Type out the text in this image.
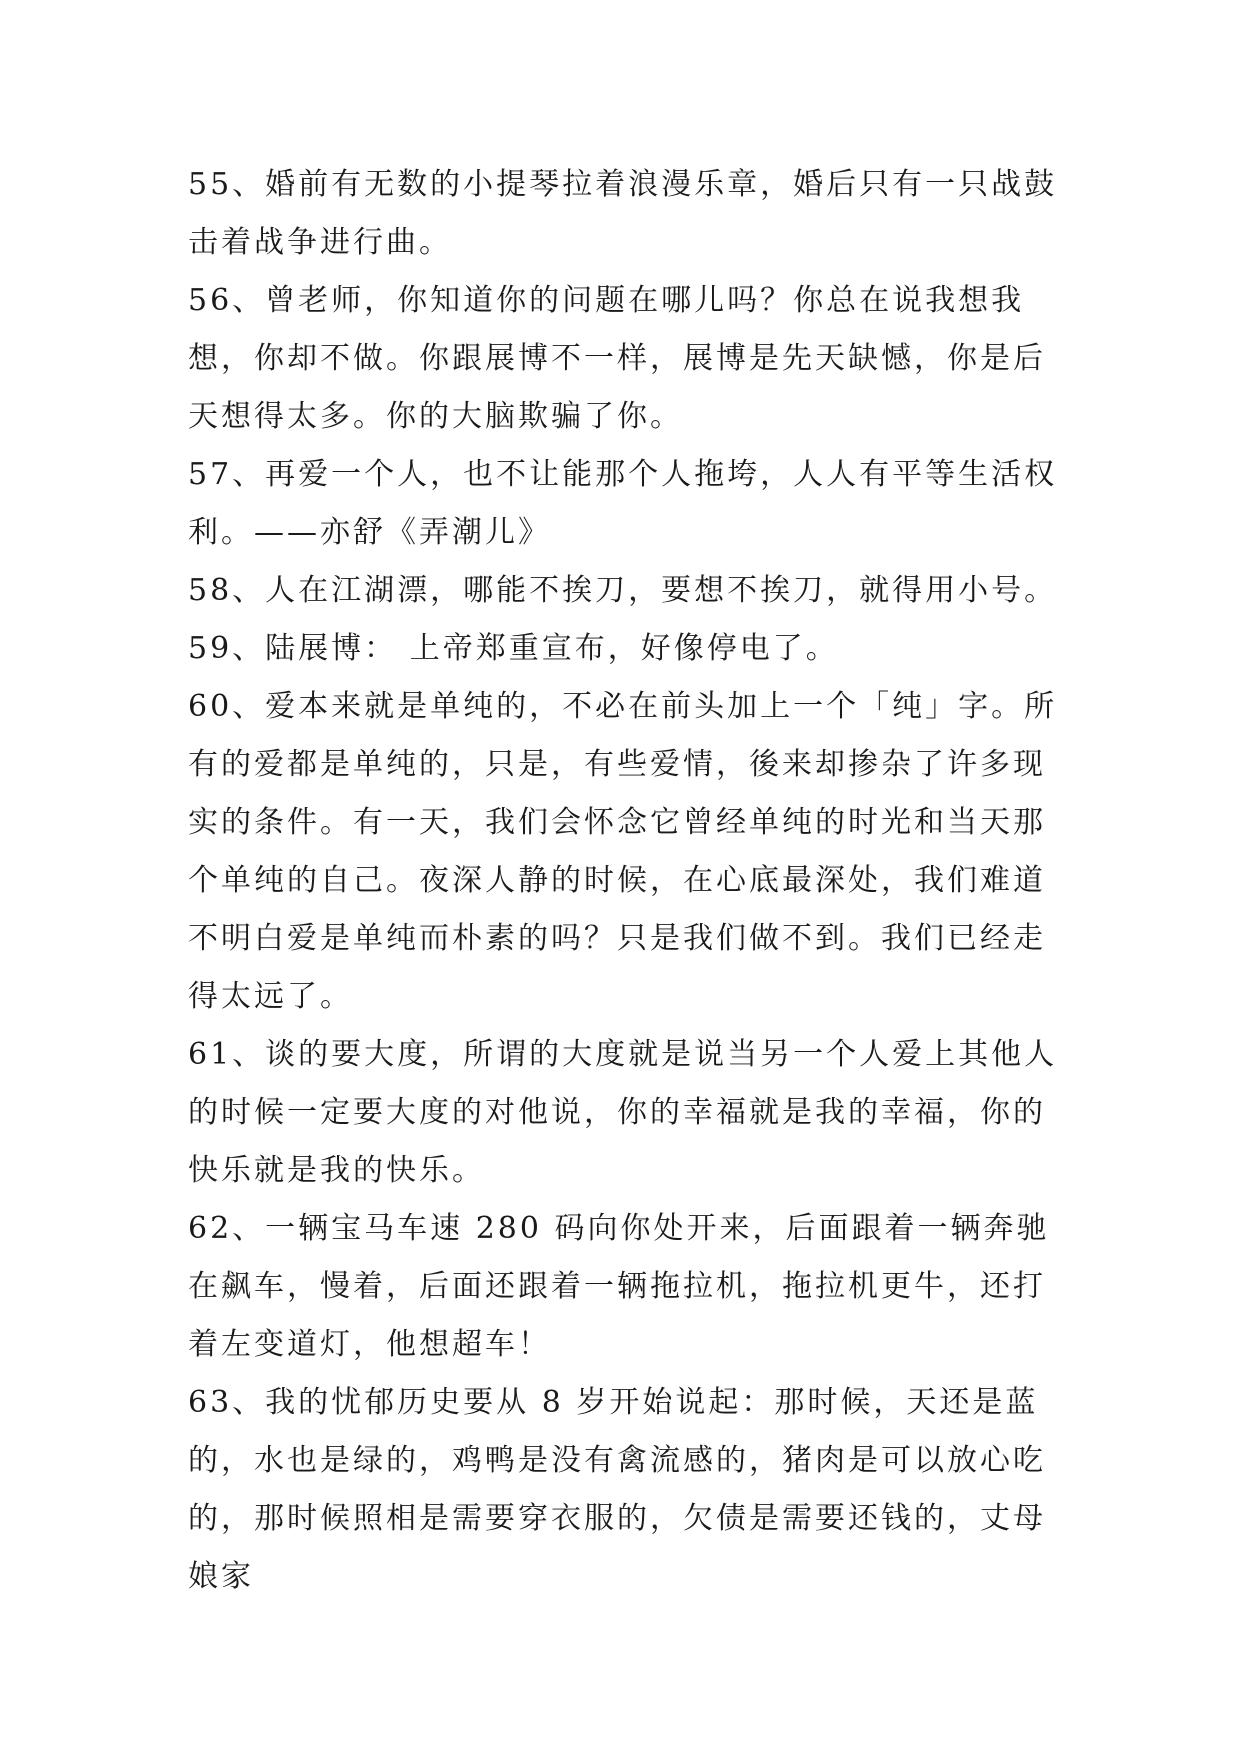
55、婚前有无数的小提琴拉着浪漫乐章，婚后只有一只战鼓击着战争进行曲。

56、曾老师，你知道你的问题在哪儿吗？你总在说我想我想，你却不做。你跟展博不一样，展博是先天缺憾，你是后天想得太多。你的大脑欺骗了你。

57、再爱一个人，也不让能那个人拖垮，人人有平等生活权利。——亦舒《弄潮儿》

58、人在江湖漂，哪能不挨刀，要想不挨刀，就得用小号。

59、陆展博： 上帝郑重宣布，好像停电了。

60、爱本来就是单纯的，不必在前头加上一个「纯」字。所有的爱都是单纯的，只是，有些爱情，後来却掺杂了许多现实的条件。有一天，我们会怀念它曾经单纯的时光和当天那个单纯的自己。夜深人静的时候，在心底最深处，我们难道不明白爱是单纯而朴素的吗？只是我们做不到。我们已经走得太远了。

61、谈的要大度，所谓的大度就是说当另一个人爱上其他人的时候一定要大度的对他说，你的幸福就是我的幸福，你的快乐就是我的快乐。

62、一辆宝马车速 280 码向你处开来，后面跟着一辆奔驰在飙车，慢着，后面还跟着一辆拖拉机，拖拉机更牛，还打着左变道灯，他想超车！

63、我的忧郁历史要从 8 岁开始说起：那时候，天还是蓝的，水也是绿的，鸡鸭是没有禽流感的，猪肉是可以放心吃的，那时候照相是需要穿衣服的，欠债是需要还钱的，丈母娘家
